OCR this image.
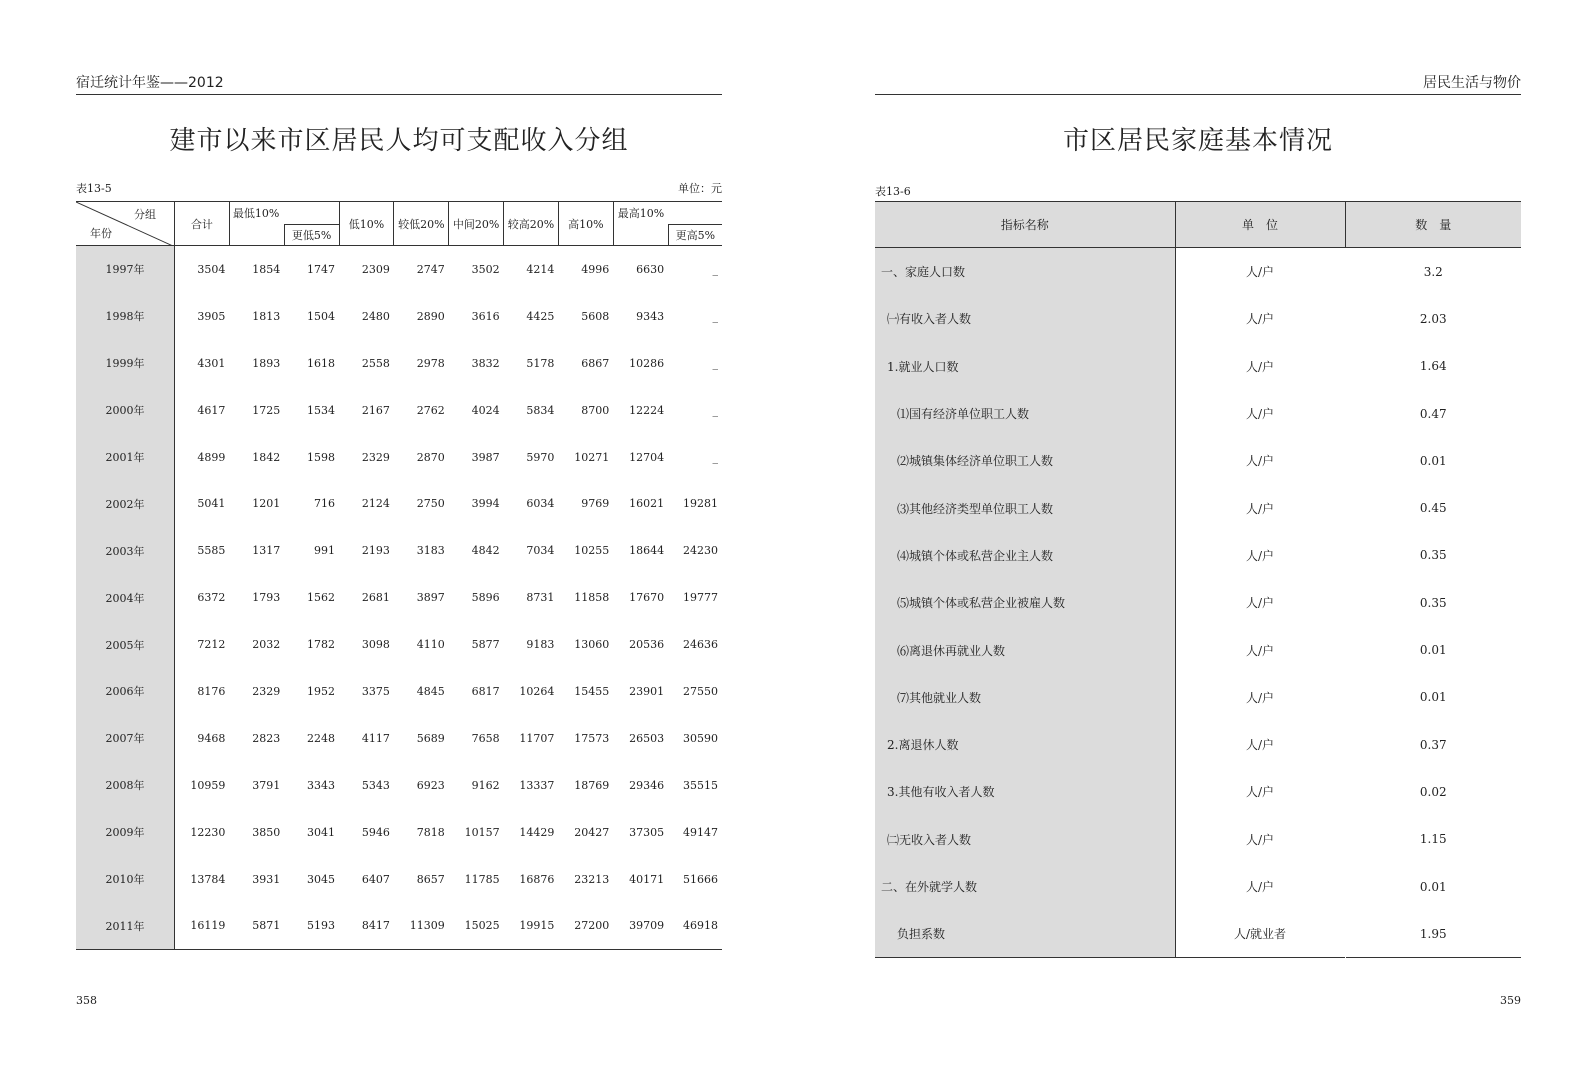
宿迁统计年鉴——2012
建市以来市区居民人均可支配收入分组
表13-5	单位：元
分组
年份	合计	最低10%		低10%	较低20%	中间20%	较高20%	高10%	最高10%	
			更低5%							更高5%
1997年	3504	1854	1747	2309	2747	3502	4214	4996	6630	_
1998年	3905	1813	1504	2480	2890	3616	4425	5608	9343	_
1999年	4301	1893	1618	2558	2978	3832	5178	6867	10286	_
2000年	4617	1725	1534	2167	2762	4024	5834	8700	12224	_
2001年	4899	1842	1598	2329	2870	3987	5970	10271	12704	_
2002年	5041	1201	716	2124	2750	3994	6034	9769	16021	19281
2003年	5585	1317	991	2193	3183	4842	7034	10255	18644	24230
2004年	6372	1793	1562	2681	3897	5896	8731	11858	17670	19777
2005年	7212	2032	1782	3098	4110	5877	9183	13060	20536	24636
2006年	8176	2329	1952	3375	4845	6817	10264	15455	23901	27550
2007年	9468	2823	2248	4117	5689	7658	11707	17573	26503	30590
2008年	10959	3791	3343	5343	6923	9162	13337	18769	29346	35515
2009年	12230	3850	3041	5946	7818	10157	14429	20427	37305	49147
2010年	13784	3931	3045	6407	8657	11785	16876	23213	40171	51666
2011年	16119	5871	5193	8417	11309	15025	19915	27200	39709	46918
358
居民生活与物价
市区居民家庭基本情况
表13-6
指标名称	单　位	数　量
一、家庭人口数	人/户	3.2
㈠有收入者人数	人/户	2.03
1.就业人口数	人/户	1.64
⑴国有经济单位职工人数	人/户	0.47
⑵城镇集体经济单位职工人数	人/户	0.01
⑶其他经济类型单位职工人数	人/户	0.45
⑷城镇个体或私营企业主人数	人/户	0.35
⑸城镇个体或私营企业被雇人数	人/户	0.35
⑹离退休再就业人数	人/户	0.01
⑺其他就业人数	人/户	0.01
2.离退休人数	人/户	0.37
3.其他有收入者人数	人/户	0.02
㈡无收入者人数	人/户	1.15
二、在外就学人数	人/户	0.01
负担系数	人/就业者	1.95
359
